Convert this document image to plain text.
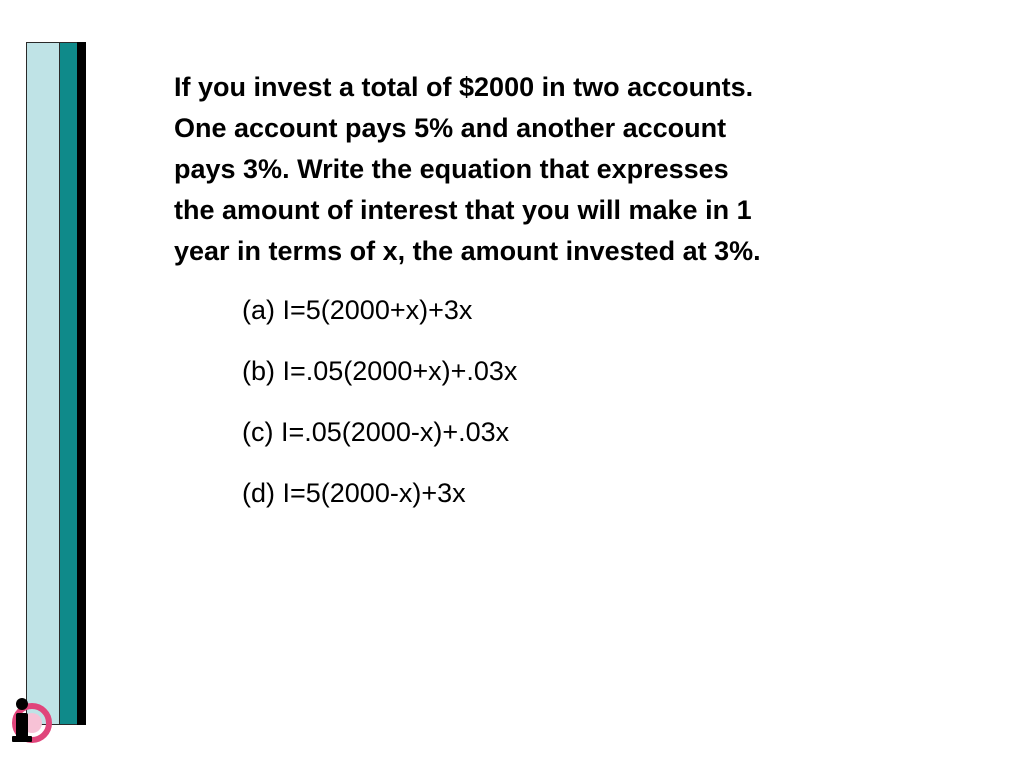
If you invest a total of $2000 in two accounts.
One account pays 5% and another account
pays 3%. Write the equation that expresses
the amount of interest that you will make in 1
year in terms of x, the amount invested at 3%.

(a) I=5(2000+x)+3x
(b) I=.05(2000+x)+.03x
(c) I=.05(2000-x)+.03x
(d) I=5(2000-x)+3x
